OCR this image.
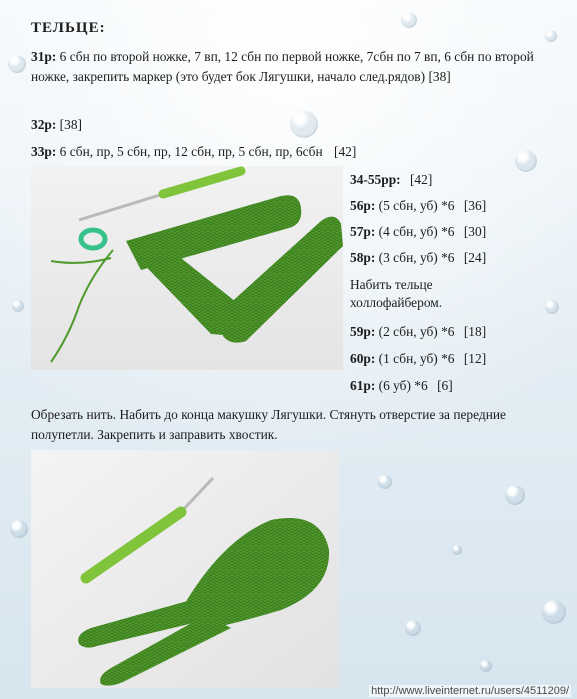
ТЕЛЬЦЕ:
31р: 6 сбн по второй ножке, 7 вп, 12 сбн по первой ножке, 7сбн по 7 вп, 6 сбн по второй ножке, закрепить маркер (это будет бок Лягушки, начало след.рядов) [38]
32р: [38]
33р: 6 сбн, пр, 5 сбн, пр, 12 сбн, пр, 5 сбн, пр, 6сбн [42]
34-55рр: [42]
56р: (5 сбн, уб) *6 [36]
57р: (4 сбн, уб) *6 [30]
58р: (3 сбн, уб) *6 [24]
Набить тельце холлофайбером.
59р: (2 сбн, уб) *6 [18]
60р: (1 сбн, уб) *6 [12]
61р: (6 уб) *6 [6]
Обрезать нить. Набить до конца макушку Лягушки. Стянуть отверстие за передние полупетли. Закрепить и заправить хвостик.
http://www.liveinternet.ru/users/4511209/
